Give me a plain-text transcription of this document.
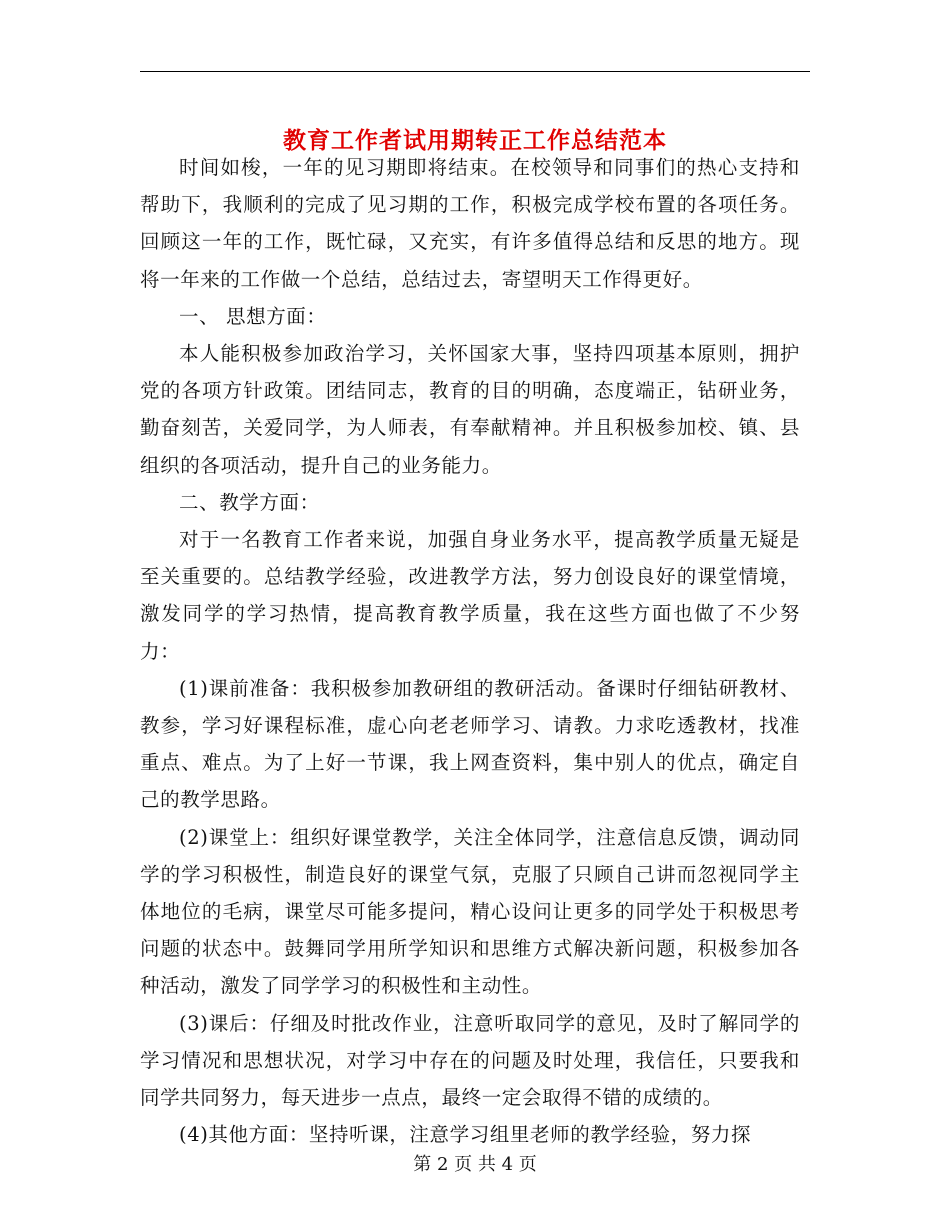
教育工作者试用期转正工作总结范本

时间如梭，一年的见习期即将结束。在校领导和同事们的热心支持和帮助下，我顺利的完成了见习期的工作，积极完成学校布置的各项任务。回顾这一年的工作，既忙碌，又充实，有许多值得总结和反思的地方。现将一年来的工作做一个总结，总结过去，寄望明天工作得更好。

一、 思想方面：

本人能积极参加政治学习，关怀国家大事，坚持四项基本原则，拥护党的各项方针政策。团结同志，教育的目的明确，态度端正，钻研业务，勤奋刻苦，关爱同学，为人师表，有奉献精神。并且积极参加校、镇、县组织的各项活动，提升自己的业务能力。

二、教学方面：

对于一名教育工作者来说，加强自身业务水平，提高教学质量无疑是至关重要的。总结教学经验，改进教学方法，努力创设良好的课堂情境，激发同学的学习热情，提高教育教学质量，我在这些方面也做了不少努力：

(1)课前准备：我积极参加教研组的教研活动。备课时仔细钻研教材、教参，学习好课程标准，虚心向老老师学习、请教。力求吃透教材，找准重点、难点。为了上好一节课，我上网查资料，集中别人的优点，确定自己的教学思路。

(2)课堂上：组织好课堂教学，关注全体同学，注意信息反馈，调动同学的学习积极性，制造良好的课堂气氛，克服了只顾自己讲而忽视同学主体地位的毛病，课堂尽可能多提问，精心设问让更多的同学处于积极思考问题的状态中。鼓舞同学用所学知识和思维方式解决新问题，积极参加各种活动，激发了同学学习的积极性和主动性。

(3)课后：仔细及时批改作业，注意听取同学的意见，及时了解同学的学习情况和思想状况，对学习中存在的问题及时处理，我信任，只要我和同学共同努力，每天进步一点点，最终一定会取得不错的成绩的。

(4)其他方面：坚持听课，注意学习组里老师的教学经验，努力探

第 2 页 共 4 页
